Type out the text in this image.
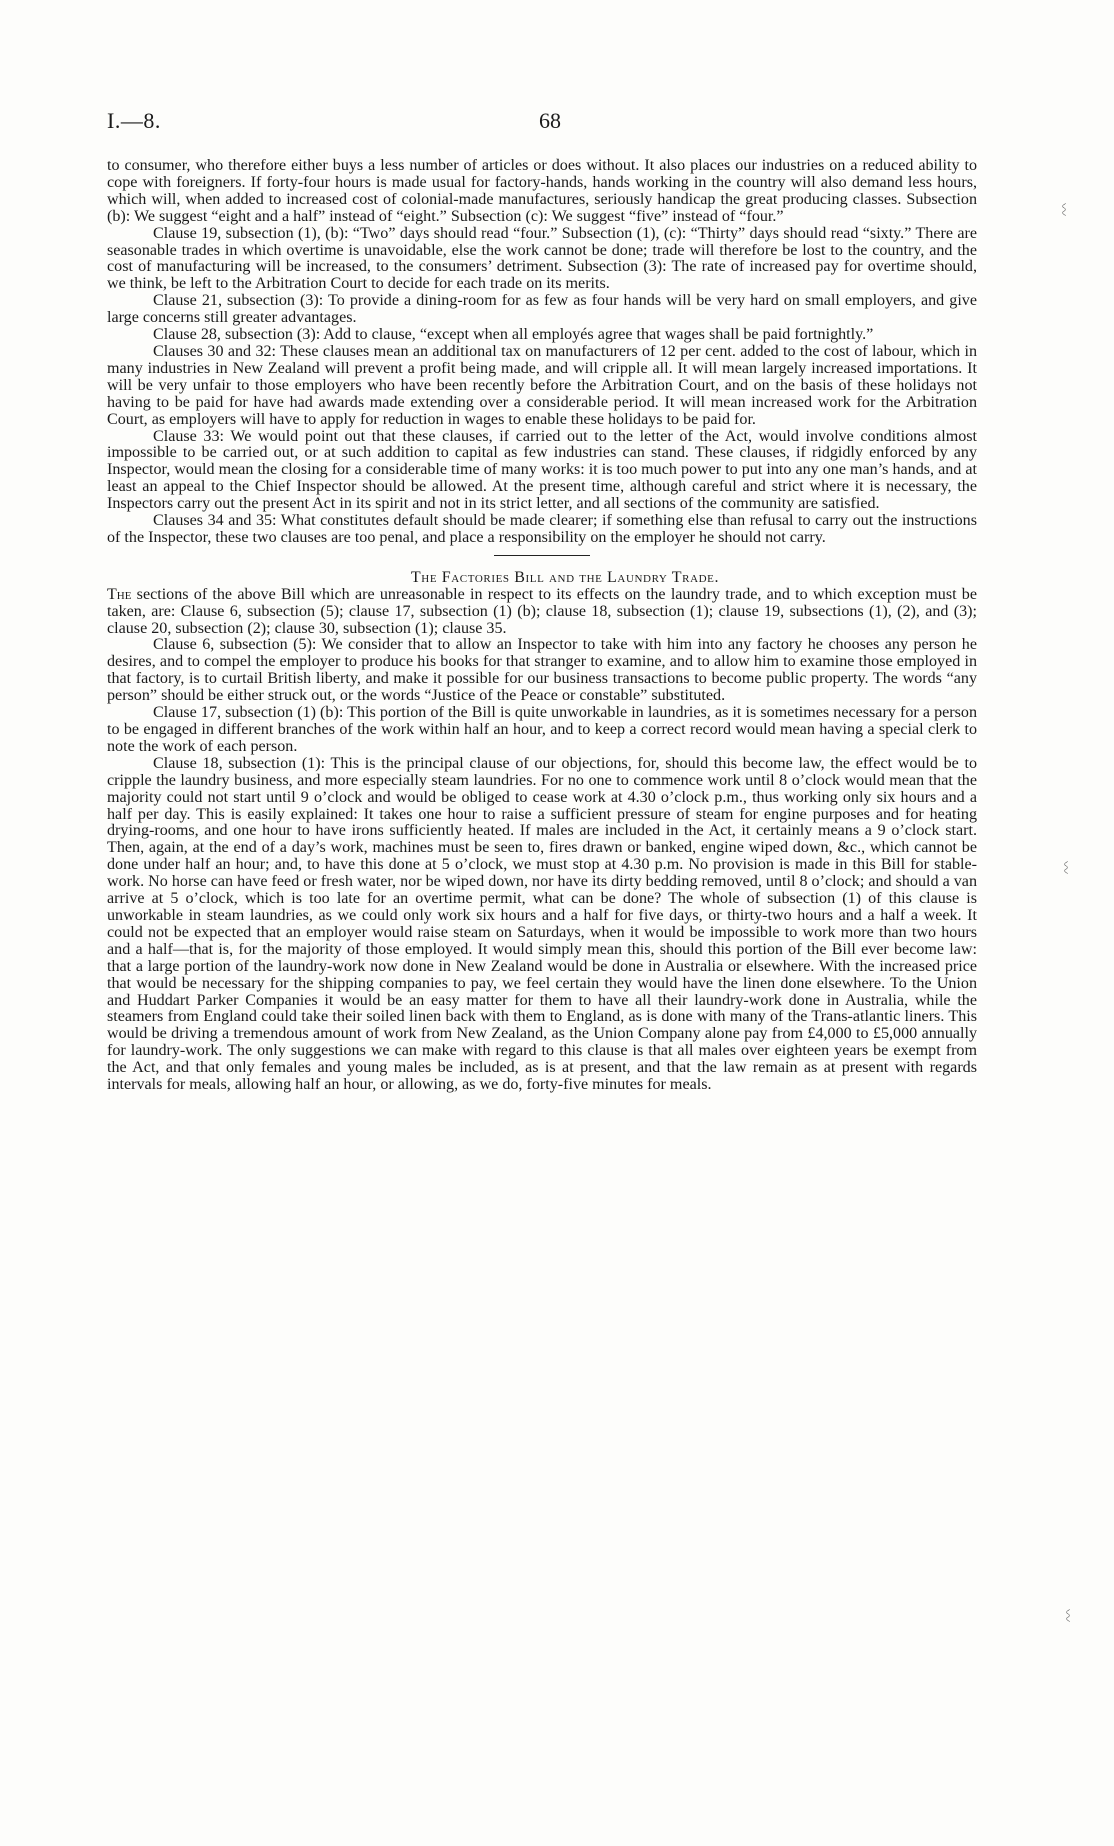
I.—8.	68

to consumer, who therefore either buys a less number of articles or does without. It also places our industries on a reduced ability to cope with foreigners. If forty-four hours is made usual for factory-hands, hands working in the country will also demand less hours, which will, when added to increased cost of colonial-made manufactures, seriously handicap the great producing classes. Subsection (b): We suggest “eight and a half” instead of “eight.” Subsection (c): We suggest “five” instead of “four.”

Clause 19, subsection (1), (b): “Two” days should read “four.” Subsection (1), (c): “Thirty” days should read “sixty.” There are seasonable trades in which overtime is unavoidable, else the work cannot be done; trade will therefore be lost to the country, and the cost of manufacturing will be increased, to the consumers’ detriment. Subsection (3): The rate of increased pay for overtime should, we think, be left to the Arbitration Court to decide for each trade on its merits.

Clause 21, subsection (3): To provide a dining-room for as few as four hands will be very hard on small employers, and give large concerns still greater advantages.

Clause 28, subsection (3): Add to clause, “except when all employés agree that wages shall be paid fortnightly.”

Clauses 30 and 32: These clauses mean an additional tax on manufacturers of 12 per cent. added to the cost of labour, which in many industries in New Zealand will prevent a profit being made, and will cripple all. It will mean largely increased importations. It will be very unfair to those employers who have been recently before the Arbitration Court, and on the basis of these holidays not having to be paid for have had awards made extending over a considerable period. It will mean increased work for the Arbitration Court, as employers will have to apply for reduction in wages to enable these holidays to be paid for.

Clause 33: We would point out that these clauses, if carried out to the letter of the Act, would involve conditions almost impossible to be carried out, or at such addition to capital as few industries can stand. These clauses, if ridgidly enforced by any Inspector, would mean the closing for a considerable time of many works: it is too much power to put into any one man’s hands, and at least an appeal to the Chief Inspector should be allowed. At the present time, although careful and strict where it is necessary, the Inspectors carry out the present Act in its spirit and not in its strict letter, and all sections of the community are satisfied.

Clauses 34 and 35: What constitutes default should be made clearer; if something else than refusal to carry out the instructions of the Inspector, these two clauses are too penal, and place a responsibility on the employer he should not carry.

The Factories Bill and the Laundry Trade.

The sections of the above Bill which are unreasonable in respect to its effects on the laundry trade, and to which exception must be taken, are: Clause 6, subsection (5); clause 17, subsection (1) (b); clause 18, subsection (1); clause 19, subsections (1), (2), and (3); clause 20, subsection (2); clause 30, subsection (1); clause 35.

Clause 6, subsection (5): We consider that to allow an Inspector to take with him into any factory he chooses any person he desires, and to compel the employer to produce his books for that stranger to examine, and to allow him to examine those employed in that factory, is to curtail British liberty, and make it possible for our business transactions to become public property. The words “any person” should be either struck out, or the words “Justice of the Peace or constable” substituted.

Clause 17, subsection (1) (b): This portion of the Bill is quite unworkable in laundries, as it is sometimes necessary for a person to be engaged in different branches of the work within half an hour, and to keep a correct record would mean having a special clerk to note the work of each person.

Clause 18, subsection (1): This is the principal clause of our objections, for, should this become law, the effect would be to cripple the laundry business, and more especially steam laundries. For no one to commence work until 8 o’clock would mean that the majority could not start until 9 o’clock and would be obliged to cease work at 4.30 o’clock p.m., thus working only six hours and a half per day. This is easily explained: It takes one hour to raise a sufficient pressure of steam for engine purposes and for heating drying-rooms, and one hour to have irons sufficiently heated. If males are included in the Act, it certainly means a 9 o’clock start. Then, again, at the end of a day’s work, machines must be seen to, fires drawn or banked, engine wiped down, &c., which cannot be done under half an hour; and, to have this done at 5 o’clock, we must stop at 4.30 p.m. No provision is made in this Bill for stable-work. No horse can have feed or fresh water, nor be wiped down, nor have its dirty bedding removed, until 8 o’clock; and should a van arrive at 5 o’clock, which is too late for an overtime permit, what can be done? The whole of subsection (1) of this clause is unworkable in steam laundries, as we could only work six hours and a half for five days, or thirty-two hours and a half a week. It could not be expected that an employer would raise steam on Saturdays, when it would be impossible to work more than two hours and a half—that is, for the majority of those employed. It would simply mean this, should this portion of the Bill ever become law: that a large portion of the laundry-work now done in New Zealand would be done in Australia or elsewhere. With the increased price that would be necessary for the shipping companies to pay, we feel certain they would have the linen done elsewhere. To the Union and Huddart Parker Companies it would be an easy matter for them to have all their laundry-work done in Australia, while the steamers from England could take their soiled linen back with them to England, as is done with many of the Trans-atlantic liners. This would be driving a tremendous amount of work from New Zealand, as the Union Company alone pay from £4,000 to £5,000 annually for laundry-work. The only suggestions we can make with regard to this clause is that all males over eighteen years be exempt from the Act, and that only females and young males be included, as is at present, and that the law remain as at present with regards intervals for meals, allowing half an hour, or allowing, as we do, forty-five minutes for meals.

〰
〰
〰
